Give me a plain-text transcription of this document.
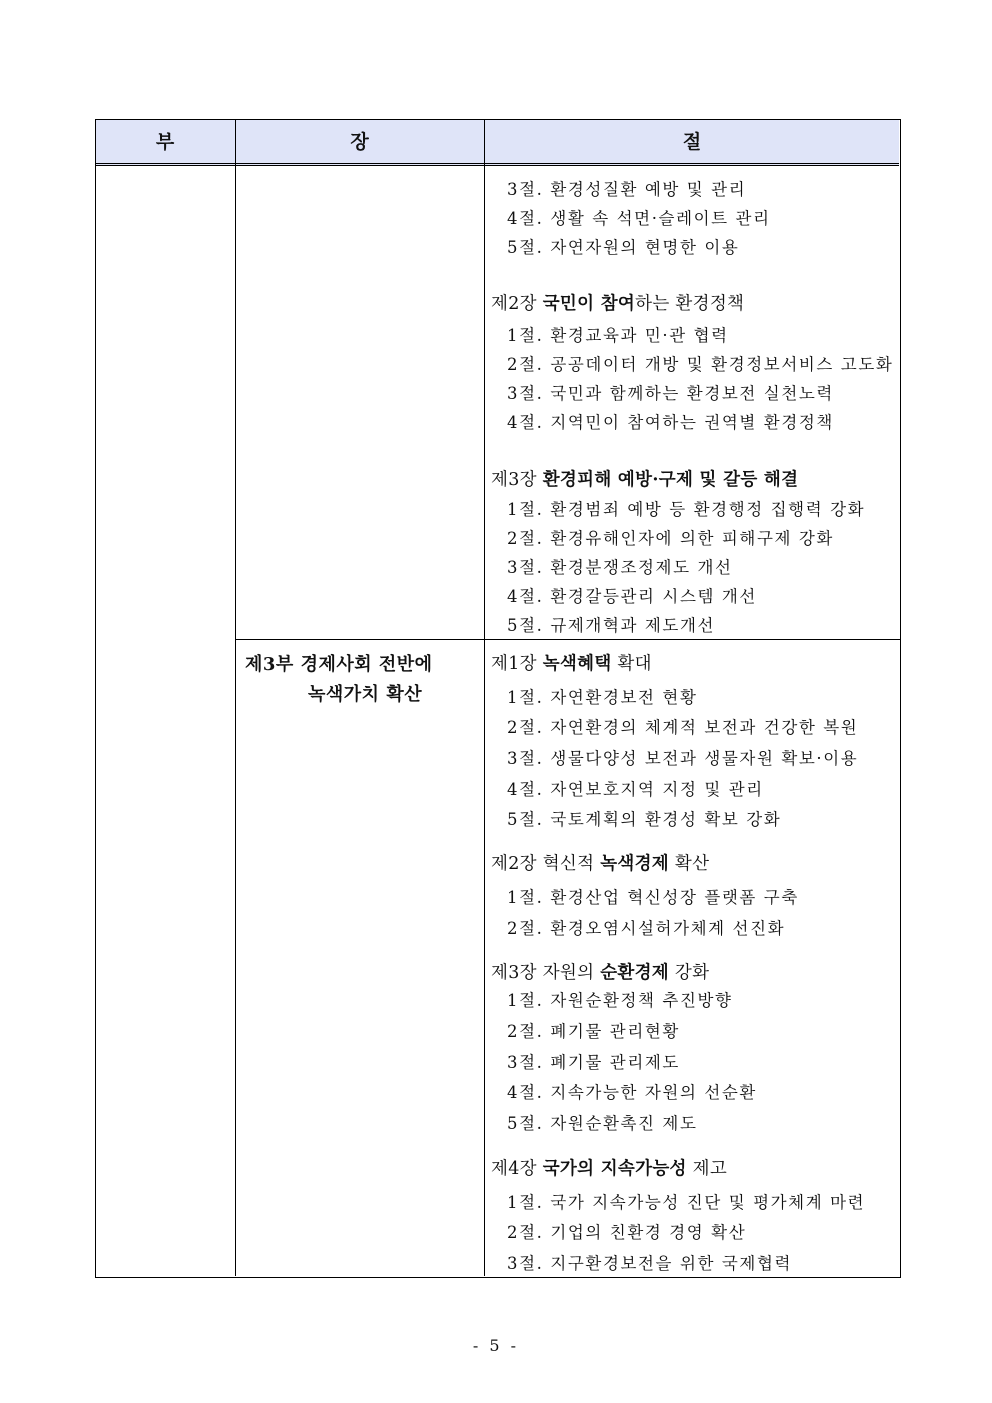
부	장	절
3절. 환경성질환 예방 및 관리
4절. 생활 속 석면·슬레이트 관리
5절. 자연자원의 현명한 이용
제2장 국민이 참여하는 환경정책
1절. 환경교육과 민·관 협력
2절. 공공데이터 개방 및 환경정보서비스 고도화
3절. 국민과 함께하는 환경보전 실천노력
4절. 지역민이 참여하는 권역별 환경정책
제3장 환경피해 예방·구제 및 갈등 해결
1절. 환경범죄 예방 등 환경행정 집행력 강화
2절. 환경유해인자에 의한 피해구제 강화
3절. 환경분쟁조정제도 개선
4절. 환경갈등관리 시스템 개선
5절. 규제개혁과 제도개선
제3부 경제사회 전반에
녹색가치 확산
제1장 녹색혜택 확대
1절. 자연환경보전 현황
2절. 자연환경의 체계적 보전과 건강한 복원
3절. 생물다양성 보전과 생물자원 확보·이용
4절. 자연보호지역 지정 및 관리
5절. 국토계획의 환경성 확보 강화
제2장 혁신적 녹색경제 확산
1절. 환경산업 혁신성장 플랫폼 구축
2절. 환경오염시설허가체계 선진화
제3장 자원의 순환경제 강화
1절. 자원순환정책 추진방향
2절. 폐기물 관리현황
3절. 폐기물 관리제도
4절. 지속가능한 자원의 선순환
5절. 자원순환촉진 제도
제4장 국가의 지속가능성 제고
1절. 국가 지속가능성 진단 및 평가체계 마련
2절. 기업의 친환경 경영 확산
3절. 지구환경보전을 위한 국제협력
- 5 -
